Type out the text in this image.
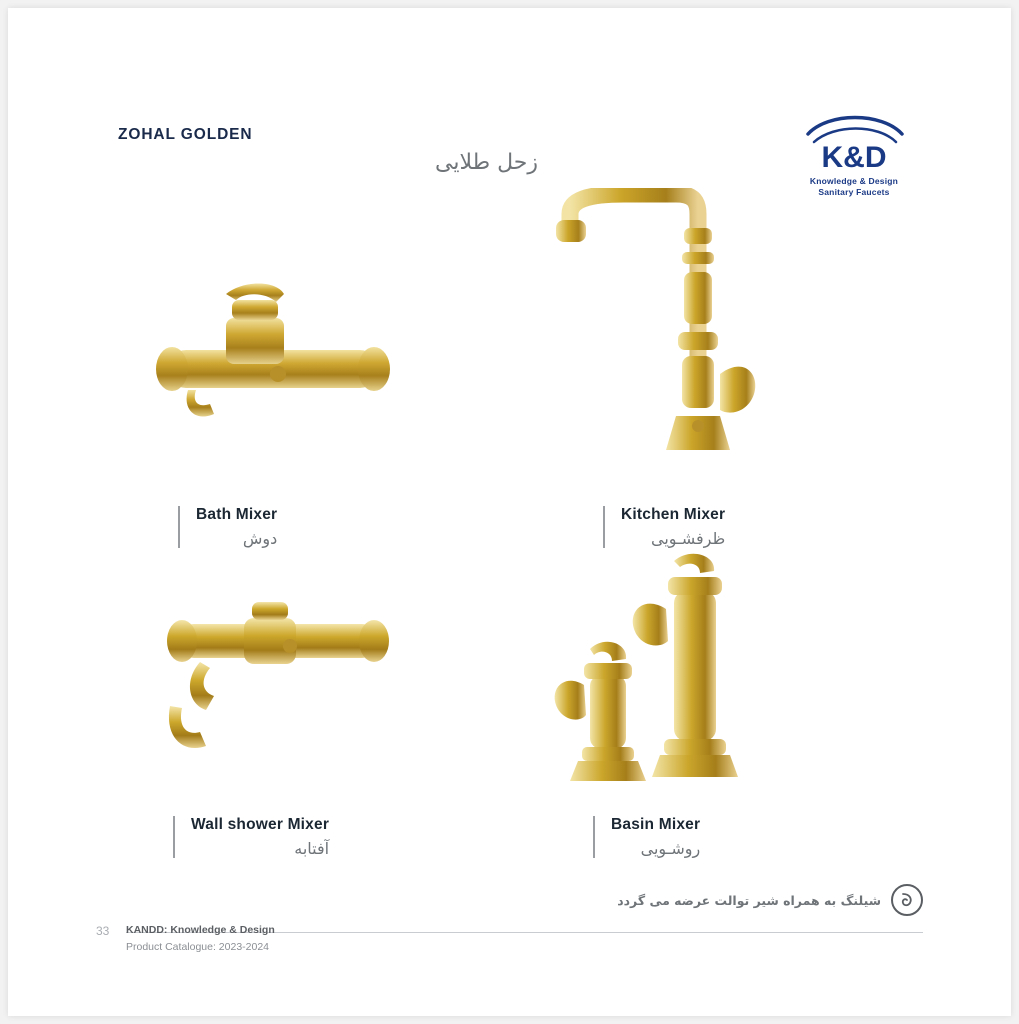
ZOHAL GOLDEN

زحل طلایی	K&D
Knowledge & Design
Sanitary Faucets

Bath Mixer

دوش

Kitchen Mixer

ظرفشـویی

Wall shower Mixer

آفتابه

Basin Mixer

روشـویی

شیلنگ به همراه شیر توالت عرضه می گردد

KANDD: Knowledge & Design

Product Catalogue: 2023-2024

33
